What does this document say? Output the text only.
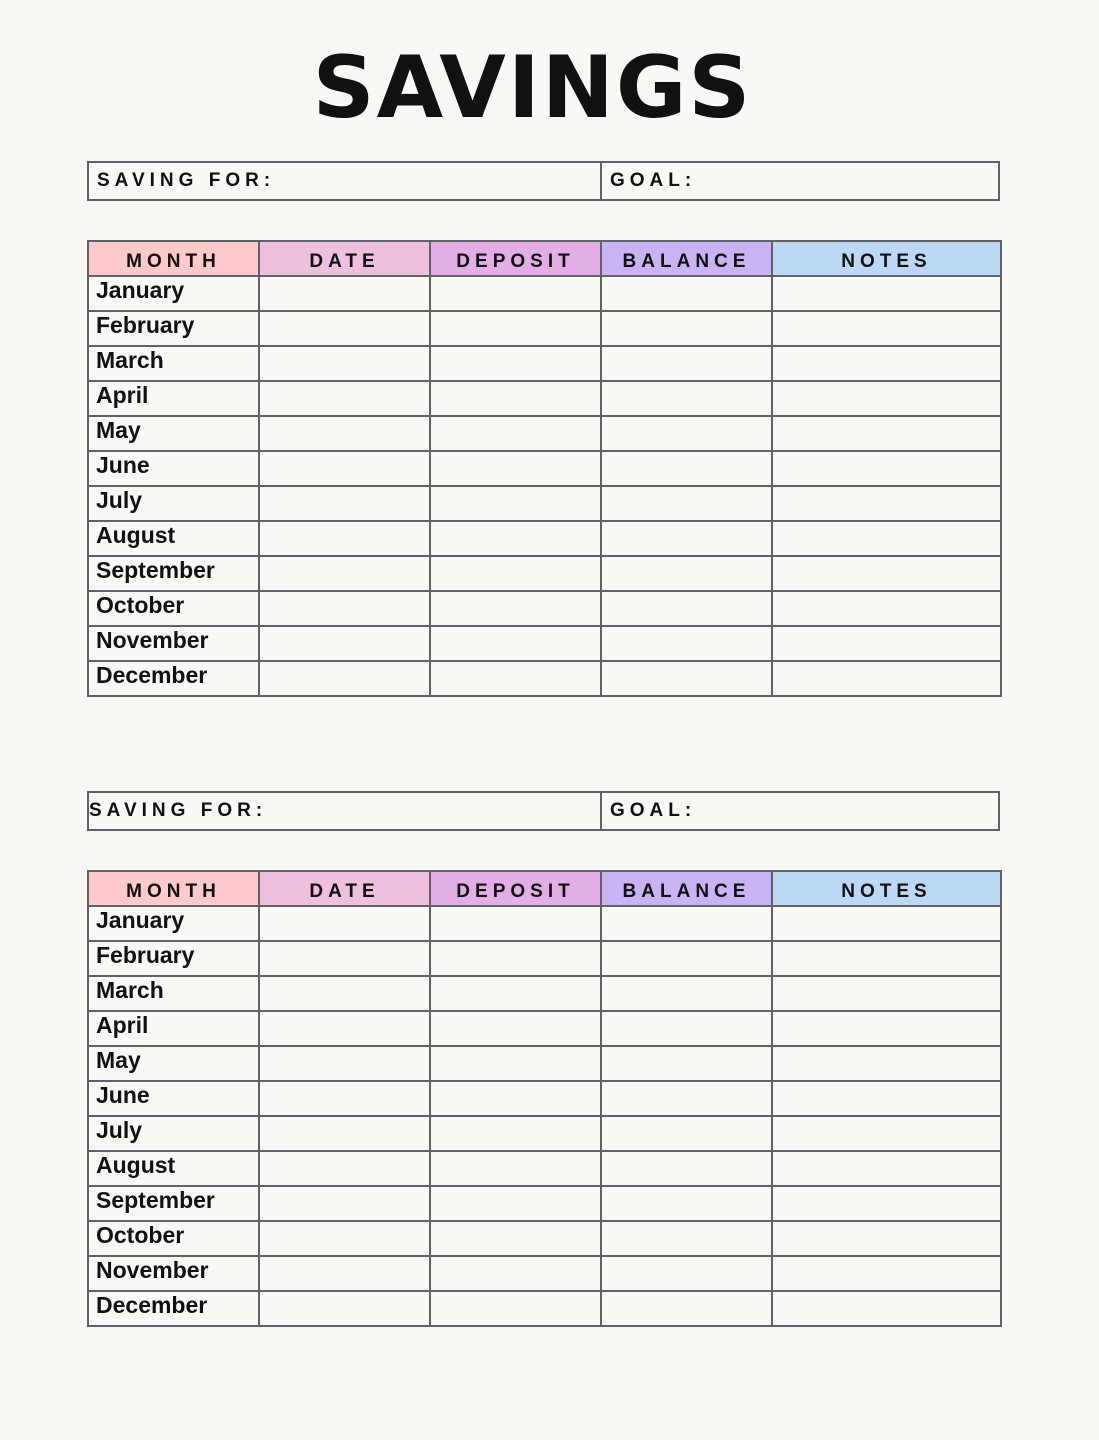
SAVINGS
SAVING FOR:	GOAL:
MONTH	DATE	DEPOSIT	BALANCE	NOTES
January				
February				
March				
April				
May				
June				
July				
August				
September				
October				
November				
December				
SAVING FOR:	GOAL:
MONTH	DATE	DEPOSIT	BALANCE	NOTES
January				
February				
March				
April				
May				
June				
July				
August				
September				
October				
November				
December				
